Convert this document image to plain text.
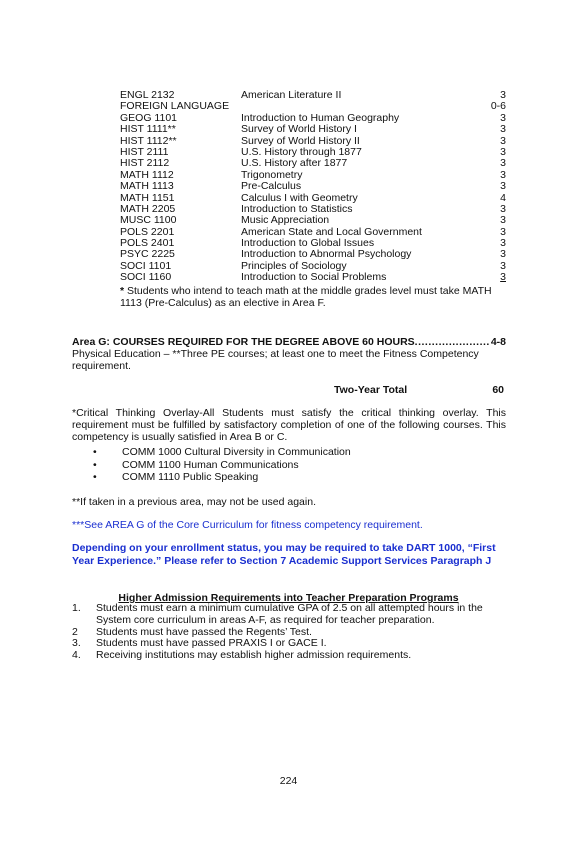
ENGL 2132	American Literature II	3
FOREIGN LANGUAGE	0-6
GEOG 1101	Introduction to Human Geography	3
HIST 1111**	Survey of World History I	3
HIST 1112**	Survey of World History II	3
HIST 2111	U.S. History through 1877	3
HIST 2112	U.S. History after 1877	3
MATH 1112	Trigonometry	3
MATH 1113	Pre-Calculus	3
MATH 1151	Calculus I with Geometry	4
MATH 2205	Introduction to Statistics	3
MUSC 1100	Music Appreciation	3
POLS 2201	American State and Local Government	3
POLS 2401	Introduction to Global Issues	3
PSYC 2225	Introduction to Abnormal Psychology	3
SOCI 1101	Principles of Sociology	3
SOCI 1160	Introduction to Social Problems	3
* Students who intend to teach math at the middle grades level must take MATH 1113 (Pre-Calculus) as an elective in Area F.
Area G: COURSES REQUIRED FOR THE DEGREE ABOVE 60 HOURS ...................... 4-8
Physical Education – **Three PE courses; at least one to meet the Fitness Competency requirement.
Two-Year Total	60
*Critical Thinking Overlay-All Students must satisfy the critical thinking overlay. This requirement must be fulfilled by satisfactory completion of one of the following courses. This competency is usually satisfied in Area B or C.
• COMM 1000 Cultural Diversity in Communication
• COMM 1100 Human Communications
• COMM 1110 Public Speaking
**If taken in a previous area, may not be used again.
***See AREA G of the Core Curriculum for fitness competency requirement.
Depending on your enrollment status, you may be required to take DART 1000, “First Year Experience.” Please refer to Section 7 Academic Support Services Paragraph J
Higher Admission Requirements into Teacher Preparation Programs
1. Students must earn a minimum cumulative GPA of 2.5 on all attempted hours in the System core curriculum in areas A-F, as required for teacher preparation.
2 Students must have passed the Regents’ Test.
3. Students must have passed PRAXIS I or GACE I.
4. Receiving institutions may establish higher admission requirements.
224
